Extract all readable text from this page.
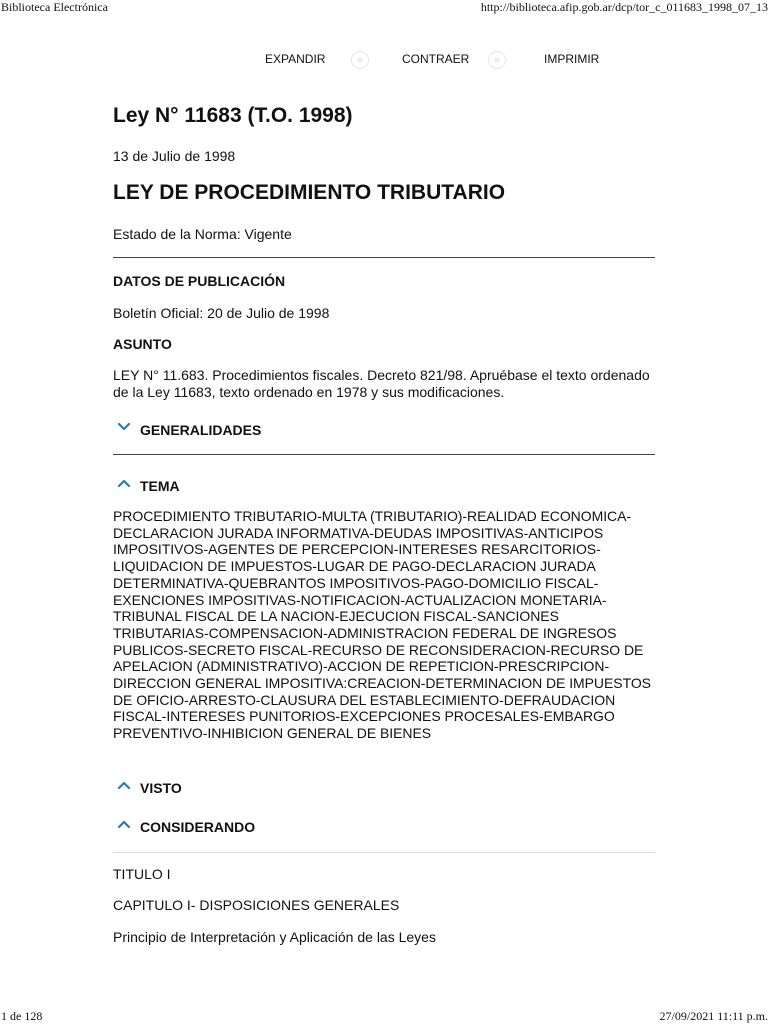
Biblioteca Electrónica	http://biblioteca.afip.gob.ar/dcp/tor_c_011683_1998_07_13
EXPANDIR	CONTRAER	IMPRIMIR
Ley N° 11683 (T.O. 1998)
13 de Julio de 1998
LEY DE PROCEDIMIENTO TRIBUTARIO
Estado de la Norma: Vigente
DATOS DE PUBLICACIÓN
Boletín Oficial: 20 de Julio de 1998
ASUNTO
LEY N° 11.683. Procedimientos fiscales. Decreto 821/98. Apruébase el texto ordenado de la Ley 11683, texto ordenado en 1978 y sus modificaciones.
GENERALIDADES
TEMA
PROCEDIMIENTO TRIBUTARIO-MULTA (TRIBUTARIO)-REALIDAD ECONOMICA-DECLARACION JURADA INFORMATIVA-DEUDAS IMPOSITIVAS-ANTICIPOS IMPOSITIVOS-AGENTES DE PERCEPCION-INTERESES RESARCITORIOS-LIQUIDACION DE IMPUESTOS-LUGAR DE PAGO-DECLARACION JURADA DETERMINATIVA-QUEBRANTOS IMPOSITIVOS-PAGO-DOMICILIO FISCAL-EXENCIONES IMPOSITIVAS-NOTIFICACION-ACTUALIZACION MONETARIA-TRIBUNAL FISCAL DE LA NACION-EJECUCION FISCAL-SANCIONES TRIBUTARIAS-COMPENSACION-ADMINISTRACION FEDERAL DE INGRESOS PUBLICOS-SECRETO FISCAL-RECURSO DE RECONSIDERACION-RECURSO DE APELACION (ADMINISTRATIVO)-ACCION DE REPETICION-PRESCRIPCION-DIRECCION GENERAL IMPOSITIVA:CREACION-DETERMINACION DE IMPUESTOS DE OFICIO-ARRESTO-CLAUSURA DEL ESTABLECIMIENTO-DEFRAUDACION FISCAL-INTERESES PUNITORIOS-EXCEPCIONES PROCESALES-EMBARGO PREVENTIVO-INHIBICION GENERAL DE BIENES
VISTO
CONSIDERANDO
TITULO I
CAPITULO I- DISPOSICIONES GENERALES
Principio de Interpretación y Aplicación de las Leyes
1 de 128	27/09/2021 11:11 p.m.
